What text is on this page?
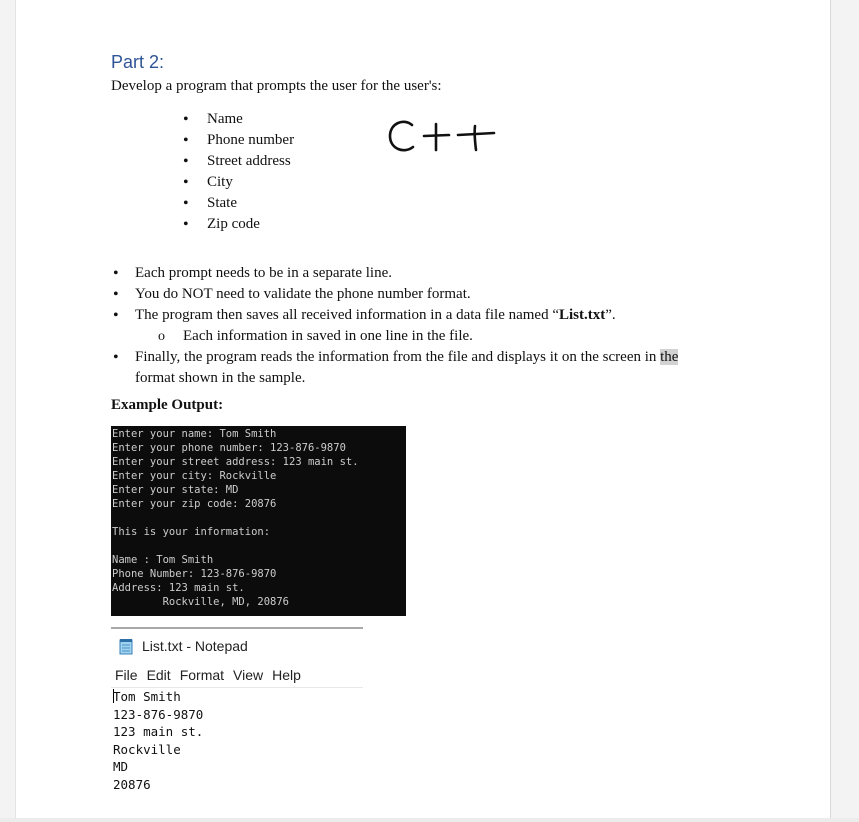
Part 2:
Develop a program that prompts the user for the user's:
• Name
• Phone number
• Street address
• City
• State
• Zip code
• Each prompt needs to be in a separate line.
• You do NOT need to validate the phone number format.
• The program then saves all received information in a data file named “List.txt”.
o Each information in saved in one line in the file.
• Finally, the program reads the information from the file and displays it on the screen in the
format shown in the sample.
Example Output:
Enter your name: Tom Smith
Enter your phone number: 123-876-9870
Enter your street address: 123 main st.
Enter your city: Rockville
Enter your state: MD
Enter your zip code: 20876
This is your information:
Name : Tom Smith
Phone Number: 123-876-9870
Address: 123 main st.
Rockville, MD, 20876
List.txt - Notepad
File Edit Format View Help
Tom Smith
123-876-9870
123 main st.
Rockville
MD
20876
